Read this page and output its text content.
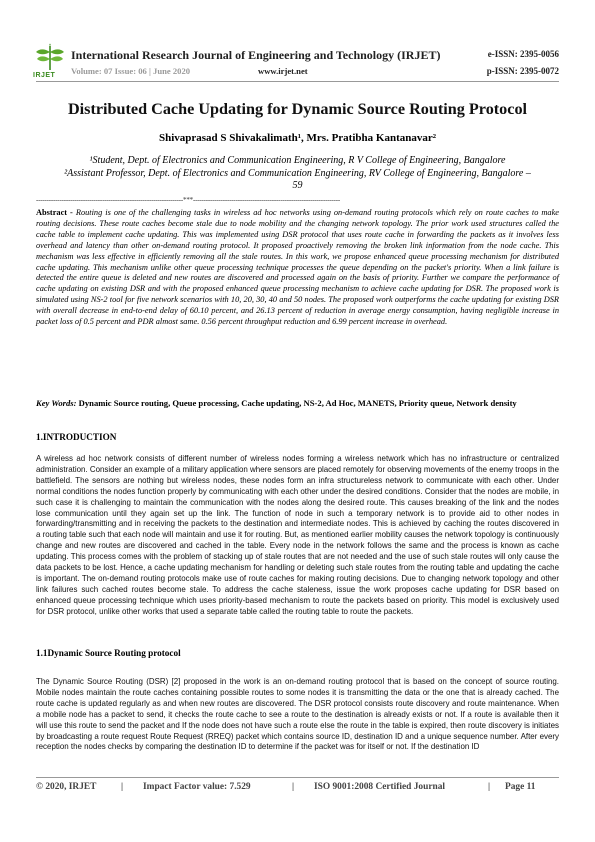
IRJET
International Research Journal of Engineering and Technology (IRJET)
Volume: 07 Issue: 06 | June 2020	www.irjet.net
e-ISSN: 2395-0056
p-ISSN: 2395-0072
Distributed Cache Updating for Dynamic Source Routing Protocol
Shivaprasad S Shivakalimath¹, Mrs. Pratibha Kantanavar²
¹Student, Dept. of Electronics and Communication Engineering, R V College of Engineering, Bangalore
²Assistant Professor, Dept. of Electronics and Communication Engineering, RV College of Engineering, Bangalore – 59
---------------------------------------------------------------------***---------------------------------------------------------------------
Abstract - Routing is one of the challenging tasks in wireless ad hoc networks using on-demand routing protocols which rely on route caches to make routing decisions. These route caches become stale due to node mobility and the changing network topology. The prior work used structures called the cache table to implement cache updating. This was implemented using DSR protocol that uses route cache in forwarding the packets as it involves less overhead and latency than other on-demand routing protocol. It proposed proactively removing the broken link information from the node cache. This mechanism was less effective in efficiently removing all the stale routes. In this work, we propose enhanced queue processing mechanism for distributed cache updating. This mechanism unlike other queue processing technique processes the queue depending on the packet's priority. When a link failure is detected the entire queue is deleted and new routes are discovered and processed again on the basis of priority. Further we compare the performance of cache updating on existing DSR and with the proposed enhanced queue processing mechanism to achieve cache updating for DSR. The proposed work is simulated using NS-2 tool for five network scenarios with 10, 20, 30, 40 and 50 nodes. The proposed work outperforms the cache updating for existing DSR with overall decrease in end-to-end delay of 60.10 percent, and 26.13 percent of reduction in average energy consumption, having negligible increase in packet loss of 0.5 percent and PDR almost same. 0.56 percent throughput reduction and 6.99 percent increase in overhead.
Key Words: Dynamic Source routing, Queue processing, Cache updating, NS-2, Ad Hoc, MANETS, Priority queue, Network density
1.INTRODUCTION
A wireless ad hoc network consists of different number of wireless nodes forming a wireless network which has no infrastructure or centralized administration. Consider an example of a military application where sensors are placed remotely for observing movements of the enemy troops in the battlefield. The sensors are nothing but wireless nodes, these nodes form an infra structureless network to communicate with each other. Under normal conditions the nodes function properly by communicating with each other under the desired conditions. Consider that the nodes are mobile, in such case it is challenging to maintain the communication with the nodes along the desired route. This causes breaking of the link and the nodes lose communication until they again set up the link. The function of node in such a temporary network is to provide aid to other nodes in forwarding/transmitting and in receiving the packets to the destination and intermediate nodes. This is achieved by caching the routes discovered in a routing table such that each node will maintain and use it for routing. But, as mentioned earlier mobility causes the network topology is continuously change and new routes are discovered and cached in the table. Every node in the network follows the same and the process is known as cache updating. This process comes with the problem of stacking up of stale routes that are not needed and the use of such stale routes will only cause the data packets to be lost. Hence, a cache updating mechanism for handling or deleting such stale routes from the routing table and updating the cache is important. The on-demand routing protocols make use of route caches for making routing decisions. Due to changing network topology and other link failures such cached routes become stale. To address the cache staleness, issue the work proposes cache updating for DSR based on enhanced queue processing technique which uses priority-based mechanism to route the packets based on priority. This model is exclusively used for DSR protocol, unlike other works that used a separate table called the routing table to route the packets.
1.1Dynamic Source Routing protocol
The Dynamic Source Routing (DSR) [2] proposed in the work is an on-demand routing protocol that is based on the concept of source routing. Mobile nodes maintain the route caches containing possible routes to some nodes it is transmitting the data or the one that is already cached. The route cache is updated regularly as and when new routes are discovered. The DSR protocol consists route discovery and route maintenance. When a mobile node has a packet to send, it checks the route cache to see a route to the destination is already exists or not. If a route is available then it will use this route to send the packet and If the node does not have such a route else the route in the table is expired, then route discovery is initiates by broadcasting a route request Route Request (RREQ) packet which contains source ID, destination ID and a unique sequence number. After every reception the nodes checks by comparing the destination ID to determine if the packet was for itself or not. If the destination ID
© 2020, IRJET	| Impact Factor value: 7.529	| ISO 9001:2008 Certified Journal	| Page 11
